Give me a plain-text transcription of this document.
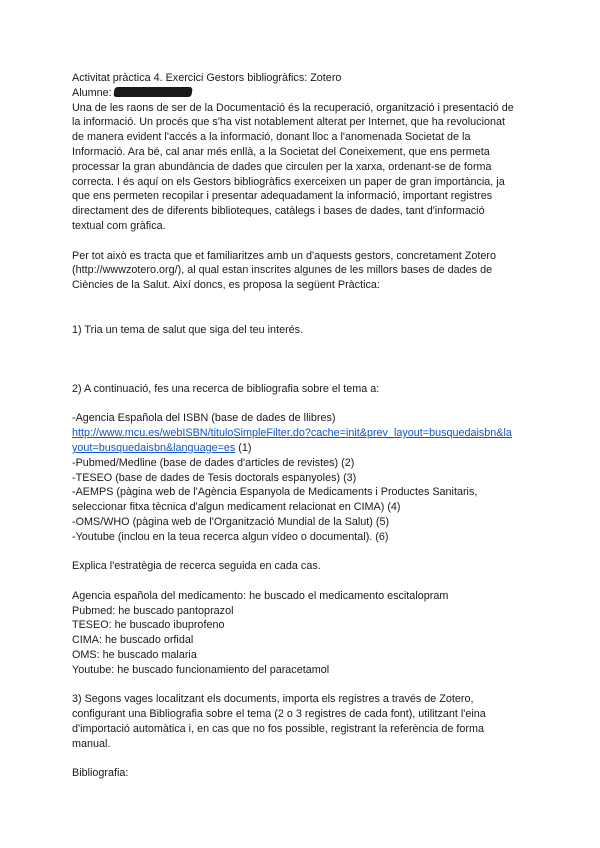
Activitat pràctica 4. Exercici Gestors bibliogràfics: Zotero
Alumne:
Una de les raons de ser de la Documentació és la recuperació, organització i presentació de
la informació. Un procés que s'ha vist notablement alterat per Internet, que ha revolucionat
de manera evident l'accés a la informació, donant lloc a l'anomenada Societat de la
Informació. Ara bé, cal anar més enllà, a la Societat del Coneixement, que ens permeta
processar la gran abundància de dades que circulen per la xarxa, ordenant-se de forma
correcta. I és aquí on els Gestors bibliogràfics exerceixen un paper de gran importància, ja
que ens permeten recopilar i presentar adequadament la informació, important registres
directament des de diferents biblioteques, catàlegs i bases de dades, tant d'informació
textual com gràfica.
Per tot això es tracta que et familiaritzes amb un d'aquests gestors, concretament Zotero
(http://wwwzotero.org/), al qual estan inscrites algunes de les millors bases de dades de
Ciències de la Salut. Així doncs, es proposa la següent Pràctica:
1) Tria un tema de salut que siga del teu interés.
2) A continuació, fes una recerca de bibliografia sobre el tema a:
-Agencia Española del ISBN (base de dades de llibres)
http://www.mcu.es/webISBN/tituloSimpleFilter.do?cache=init&prev_layout=busquedaisbn&la
yout=busquedaisbn&language=es (1)
-Pubmed/Medline (base de dades d'articles de revistes) (2)
-TESEO (base de dades de Tesis doctorals espanyoles) (3)
-AEMPS (pàgina web de l'Agència Espanyola de Medicaments i Productes Sanitaris,
seleccionar fitxa tècnica d'algun medicament relacionat en CIMA) (4)
-OMS/WHO (pàgina web de l'Organització Mundial de la Salut) (5)
-Youtube (inclou en la teua recerca algun vídeo o documental). (6)
Explica l'estratègia de recerca seguida en cada cas.
Agencia española del medicamento: he buscado el medicamento escitalopram
Pubmed: he buscado pantoprazol
TESEO: he buscado ibuprofeno
CIMA: he buscado orfidal
OMS: he buscado malaria
Youtube: he buscado funcionamiento del paracetamol
3) Segons vages localitzant els documents, importa els registres a través de Zotero,
configurant una Bibliografia sobre el tema (2 o 3 registres de cada font), utilitzant l'eina
d'importació automàtica i, en cas que no fos possible, registrant la referència de forma
manual.
Bibliografia:
